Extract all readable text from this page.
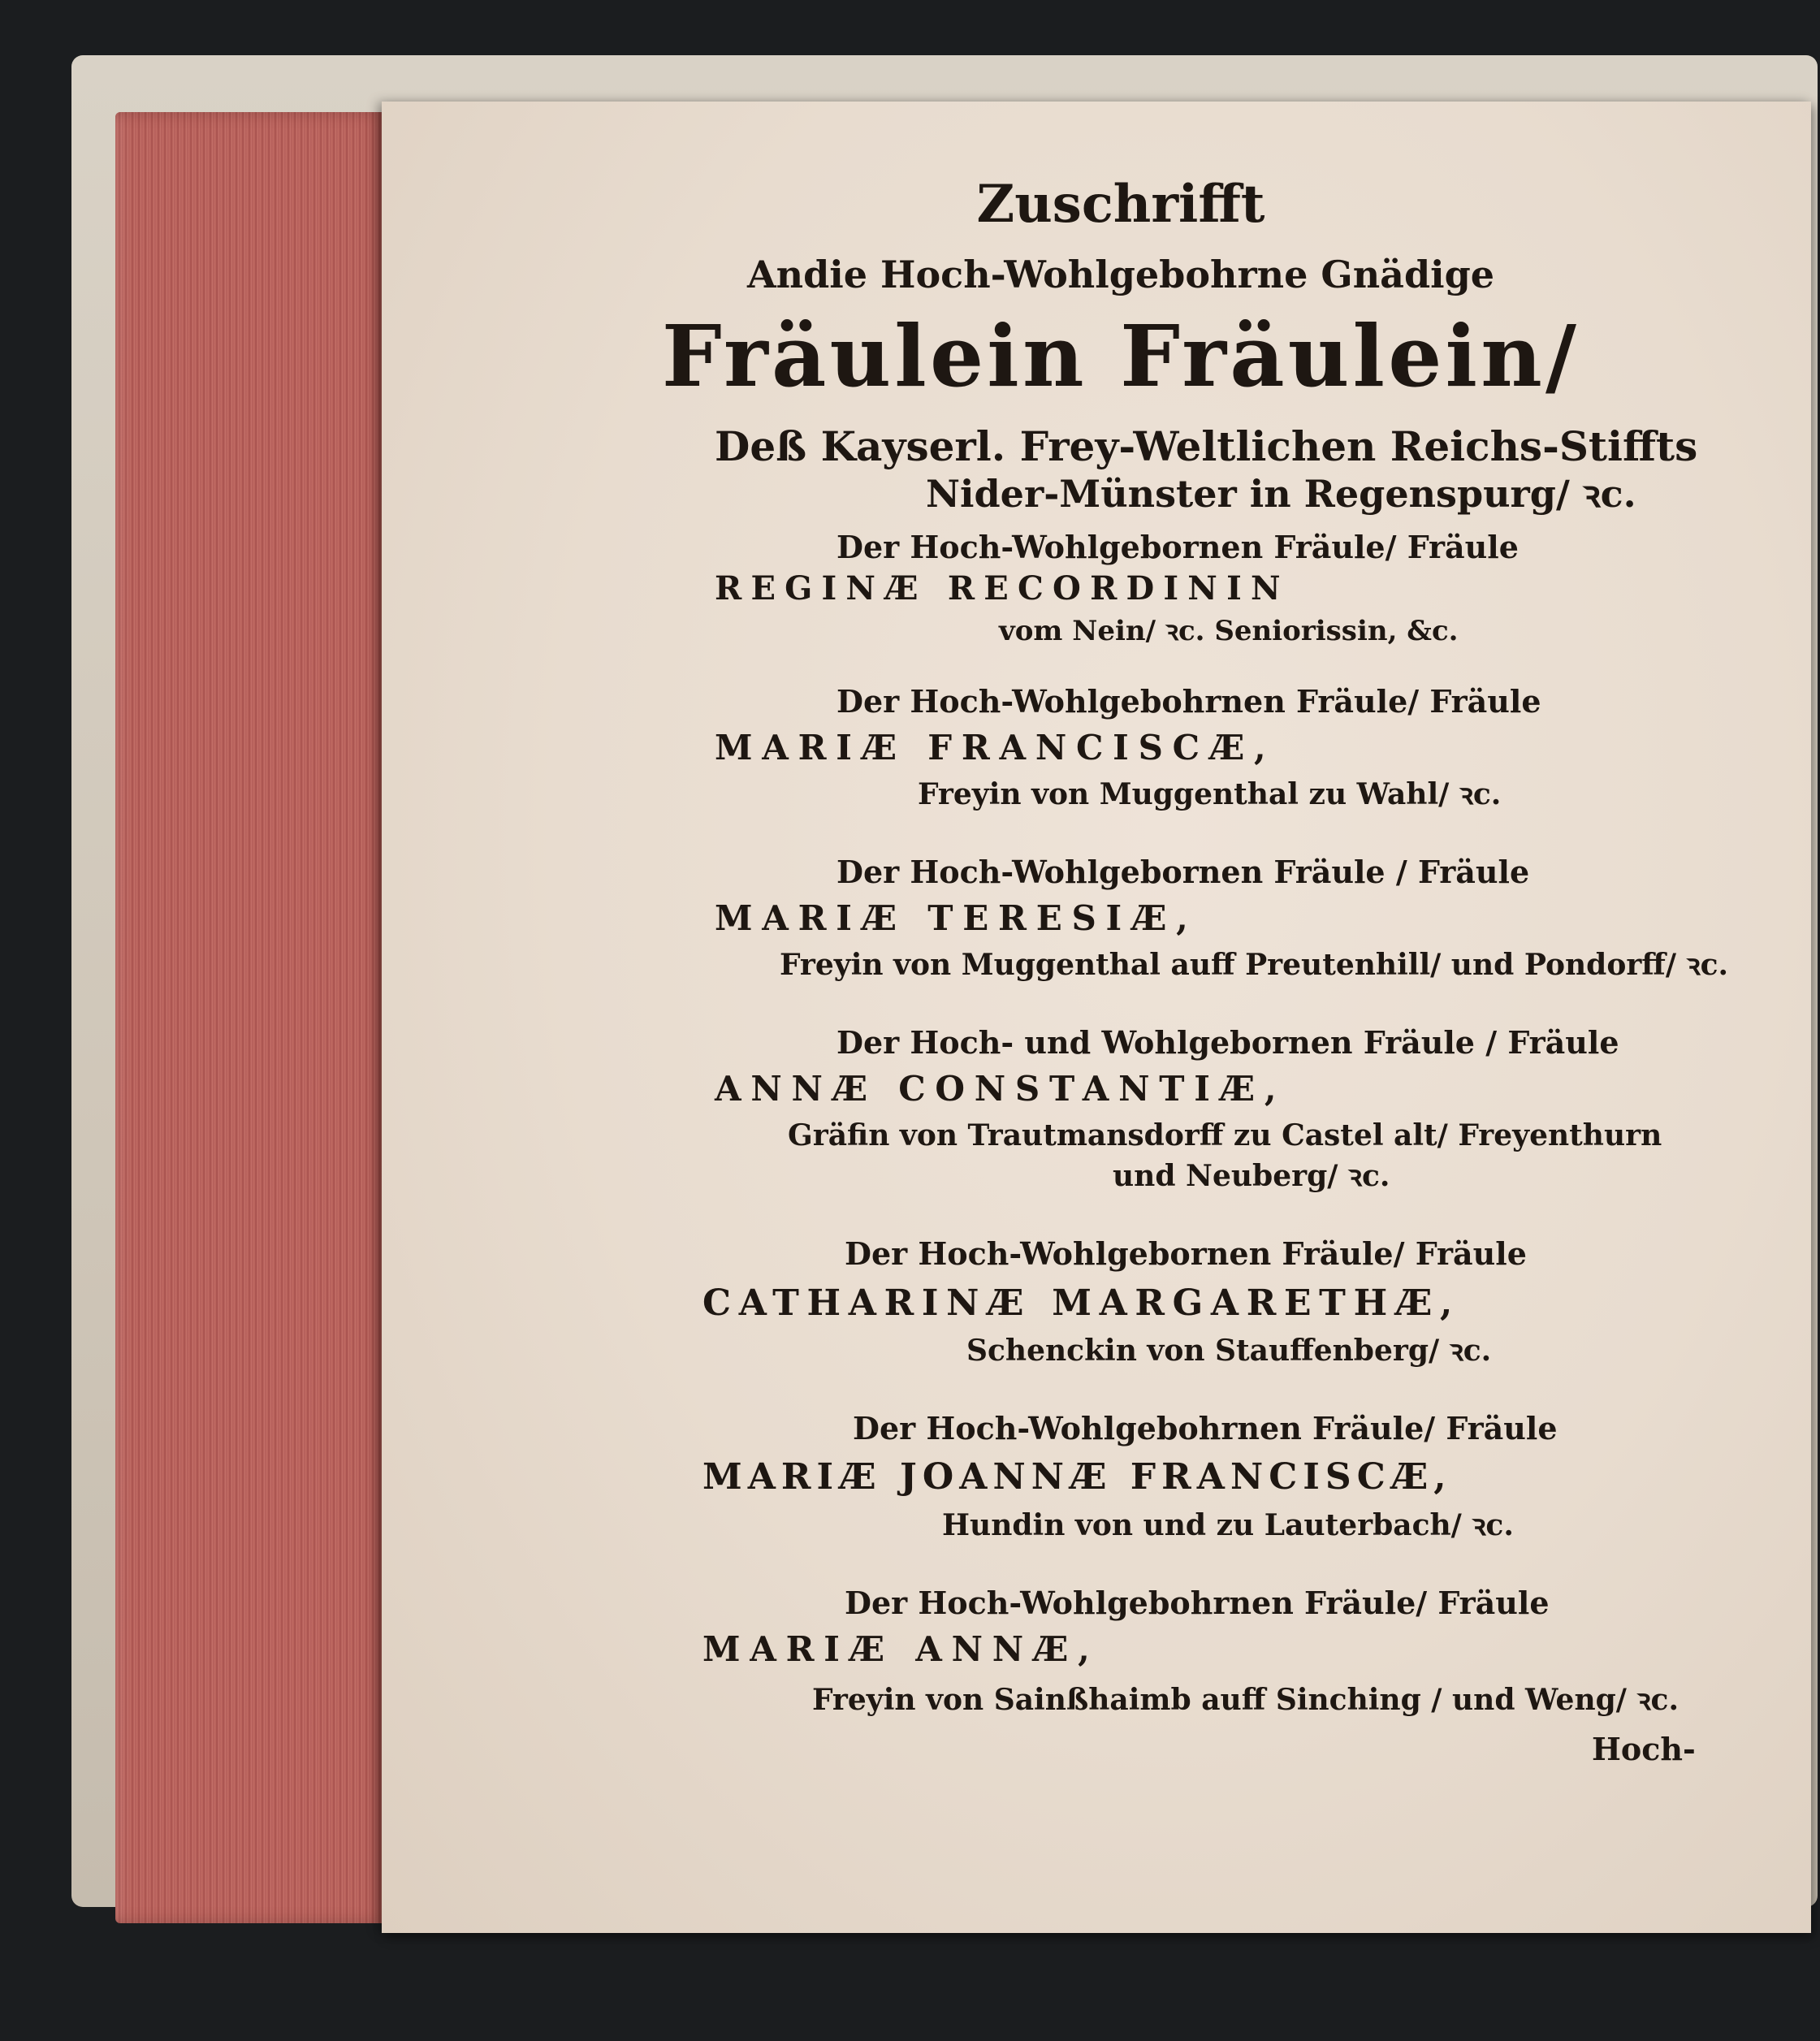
Zuschrifft
Andie Hoch-Wohlgebohrne Gnädige
Fräulein Fräulein/
Deß Kayserl. Frey-Weltlichen Reichs-Stiffts
Nider-Münster in Regenspurg/ ꝛc.
Der Hoch-Wohlgebornen Fräule/ Fräule
REGINÆ RECORDININ
vom Nein/ ꝛc. Seniorissin, &c.
Der Hoch-Wohlgebohrnen Fräule/ Fräule
MARIÆ FRANCISCÆ,
Freyin von Muggenthal zu Wahl/ ꝛc.
Der Hoch-Wohlgebornen Fräule / Fräule
MARIÆ TERESIÆ,
Freyin von Muggenthal auff Preutenhill/ und Pondorff/ ꝛc.
Der Hoch- und Wohlgebornen Fräule / Fräule
ANNÆ CONSTANTIÆ,
Gräfin von Trautmansdorff zu Castel alt/ Freyenthurn
und Neuberg/ ꝛc.
Der Hoch-Wohlgebornen Fräule/ Fräule
CATHARINÆ MARGARETHÆ,
Schenckin von Stauffenberg/ ꝛc.
Der Hoch-Wohlgebohrnen Fräule/ Fräule
MARIÆ JOANNÆ FRANCISCÆ,
Hundin von und zu Lauterbach/ ꝛc.
Der Hoch-Wohlgebohrnen Fräule/ Fräule
MARIÆ ANNÆ,
Freyin von Sainßhaimb auff Sinching / und Weng/ ꝛc.
Hoch-
